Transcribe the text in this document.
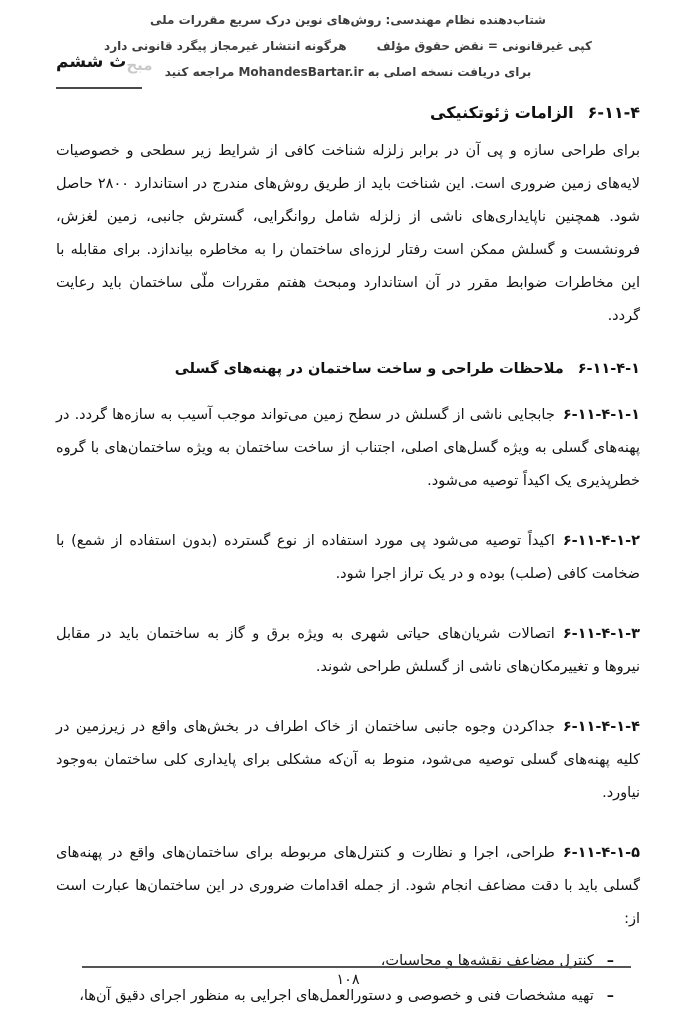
شتاب‌دهنده نظام مهندسی: روش‌های نوین درک سریع مقررات ملی
کپی غیرقانونی = نقض حقوق مؤلف
هرگونه انتشار غیرمجاز پیگرد قانونی دارد
برای دریافت نسخه اصلی به MohandesBartar.ir مراجعه کنید
مبح
ث ششم
۶-۱۱-۴الزامات ژئوتکنیکی

برای طراحی سازه و پی آن در برابر زلزله شناخت کافی از شرایط زیر سطحی و خصوصیات لایه‌های زمین ضروری است. این شناخت باید از طریق روش‌های مندرج در استاندارد ۲۸۰۰ حاصل شود. همچنین ناپایداری‌های ناشی از زلزله شامل روانگرایی، گسترش جانبی، زمین لغزش، فرونشست و گسلش ممکن است رفتار لرزه‌ای ساختمان را به مخاطره بیاندازد. برای مقابله با این مخاطرات ضوابط مقرر در آن استاندارد ومبحث هفتم مقررات ملّی ساختمان باید رعایت گردد.

۶-۱۱-۴-۱ملاحظات طراحی و ساخت ساختمان در پهنه‌های گسلی

۶-۱۱-۴-۱-۱جابجایی ناشی از گسلش در سطح زمین می‌تواند موجب آسیب به سازه‌ها گردد. در پهنه‌های گسلی به ویژه گسل‌های اصلی، اجتناب از ساخت ساختمان به ویژه ساختمان‌های با گروه خطرپذیری یک اکیداً توصیه می‌شود.

۶-۱۱-۴-۱-۲اکیداً توصیه می‌شود پی مورد استفاده از نوع گسترده (بدون استفاده از شمع) با ضخامت کافی (صلب) بوده و در یک تراز اجرا شود.

۶-۱۱-۴-۱-۳اتصالات شریان‌های حیاتی شهری به ویژه برق و گاز به ساختمان باید در مقابل نیروها و تغییرمکان‌های ناشی از گسلش طراحی شوند.

۶-۱۱-۴-۱-۴جداکردن وجوه جانبی ساختمان از خاک اطراف در بخش‌های واقع در زیرزمین در کلیه پهنه‌های گسلی توصیه می‌شود، منوط به آن‌که مشکلی برای پایداری کلی ساختمان به‌وجود نیاورد.

۶-۱۱-۴-۱-۵طراحی، اجرا و نظارت و کنترل‌های مربوطه برای ساختمان‌های واقع در پهنه‌های گسلی باید با دقت مضاعف انجام شود. از جمله اقدامات ضروری در این ساختمان‌ها عبارت است از:

–
کنترل مضاعف نقشه‌ها و محاسبات،
–
تهیه مشخصات فنی و خصوصی و دستورالعمل‌های اجرایی به منظور اجرای دقیق آن‌ها،
۱۰۸
